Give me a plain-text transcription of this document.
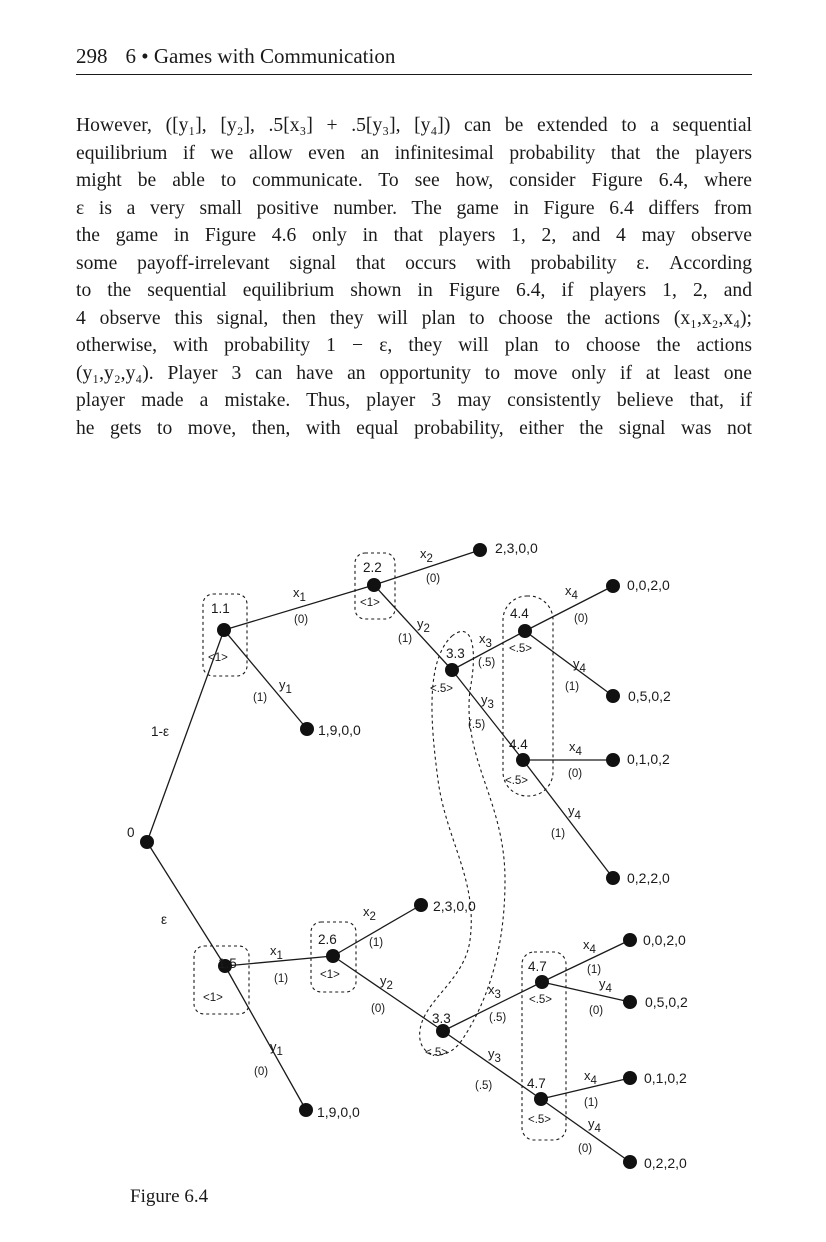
298 6 • Games with Communication
However, ([y₁], [y₂], .5[x₃] + .5[y₃], [y₄]) can be extended to a sequential
equilibrium if we allow even an infinitesimal probability that the players
might be able to communicate. To see how, consider Figure 6.4, where
ε is a very small positive number. The game in Figure 6.4 differs from
the game in Figure 4.6 only in that players 1, 2, and 4 may observe
some payoff-irrelevant signal that occurs with probability ε. According
to the sequential equilibrium shown in Figure 6.4, if players 1, 2, and
4 observe this signal, then they will plan to choose the actions (x₁,x₂,x₄);
otherwise, with probability 1 − ε, they will plan to choose the actions
(y₁,y₂,y₄). Player 3 can have an opportunity to move only if at least one
player made a mistake. Thus, player 3 may consistently believe that, if
he gets to move, then, with equal probability, either the signal was not
0
1-ε
ε
1.1
2.2
3.3
4.4
4.4
1.5
2.6
3.3
4.7
4.7
<1>
<1>
<.5>
<.5>
<.5>
<1>
<1>
<.5>
<.5>
<.5>
x1
y1
x2
y2
x3
y3
x4
y4
x4
y4
x1
y1
x2
y2	x3
y3
x4
y4
x4
y4
(0)
(1)
(0)
(1)
(.5)
(.5)
(0)
(1)
(0)
(1)
(1)
(0)
(1)
(0)
(.5)
(.5)
(1)
(0)
(1)
(0)
2,3,0,0
1,9,0,0
0,0,2,0
0,5,0,2
0,1,0,2
0,2,2,0
2,3,0,0
1,9,0,0
0,0,2,0
0,5,0,2
0,1,0,2
0,2,2,0
Figure 6.4
